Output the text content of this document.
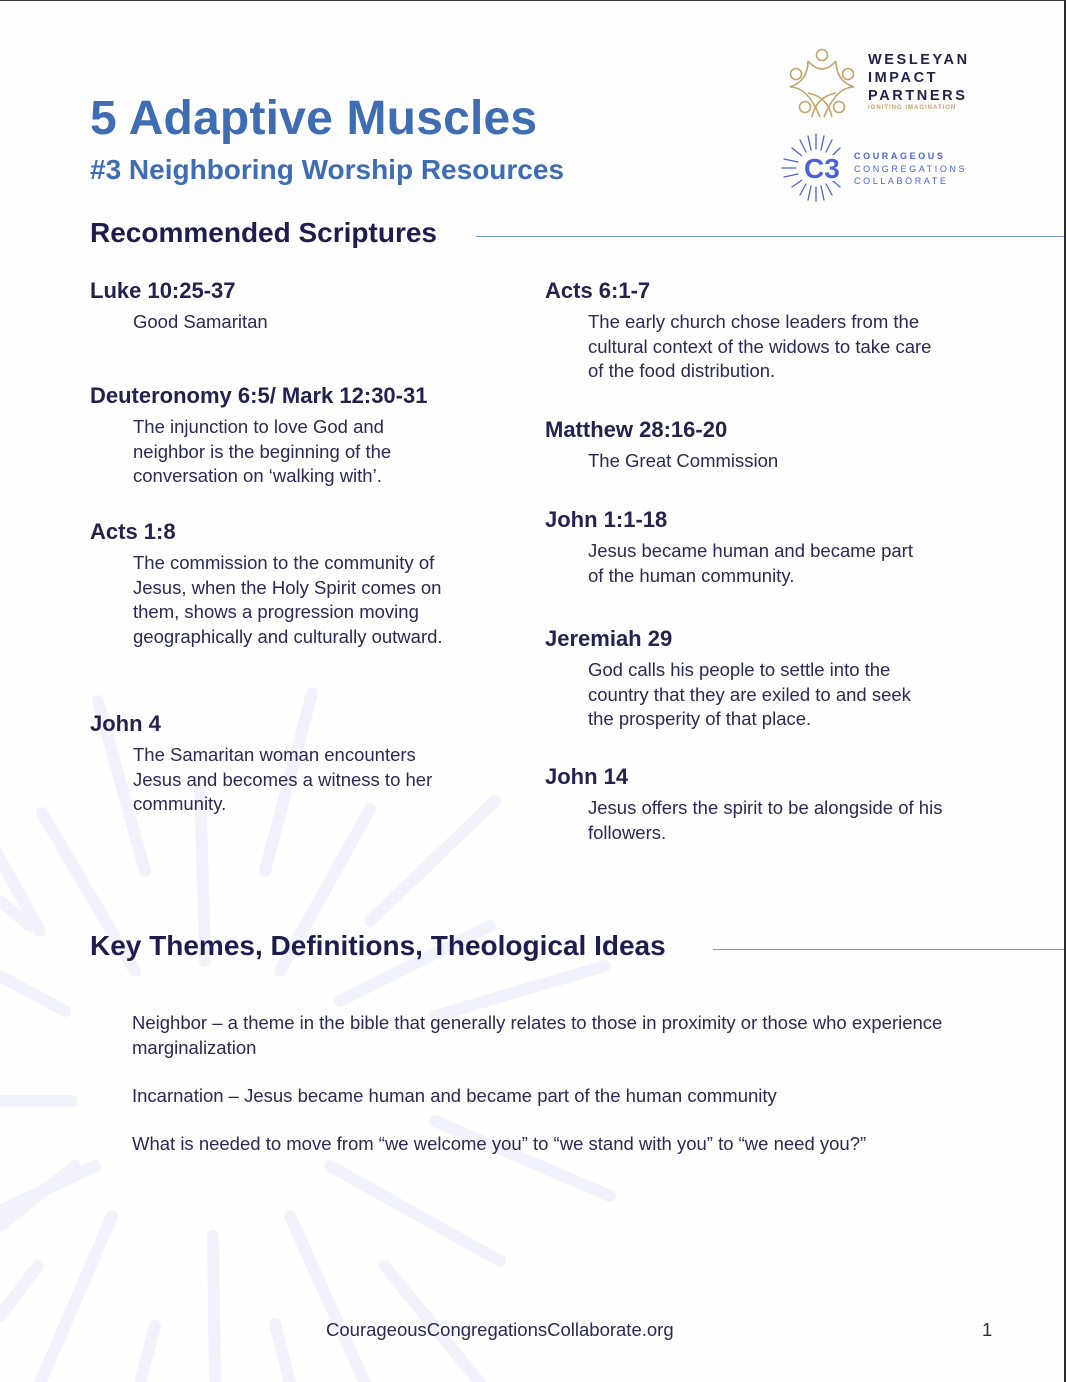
5 Adaptive Muscles
#3 Neighboring Worship Resources
WESLEYAN
IMPACT
PARTNERS
IGNITING IMAGINATION
C3 COURAGEOUS
CONGREGATIONS
COLLABORATE
Recommended Scriptures

Luke 10:25-37

Good Samaritan

Deuteronomy 6:5/ Mark 12:30-31

The injunction to love God and neighbor is the beginning of the conversation on ‘walking with’.

Acts 1:8

The commission to the community of Jesus, when the Holy Spirit comes on them, shows a progression moving geographically and culturally outward.

John 4

The Samaritan woman encounters Jesus and becomes a witness to her community.

Acts 6:1-7

The early church chose leaders from the cultural context of the widows to take care of the food distribution.

Matthew 28:16-20

The Great Commission

John 1:1-18

Jesus became human and became part of the human community.

Jeremiah 29

God calls his people to settle into the country that they are exiled to and seek the prosperity of that place.

John 14

Jesus offers the spirit to be alongside of his followers.

Key Themes, Definitions, Theological Ideas

Neighbor – a theme in the bible that generally relates to those in proximity or those who experience marginalization

Incarnation – Jesus became human and became part of the human community

What is needed to move from “we welcome you” to “we stand with you” to “we need you?”

CourageousCongregationsCollaborate.org	1
